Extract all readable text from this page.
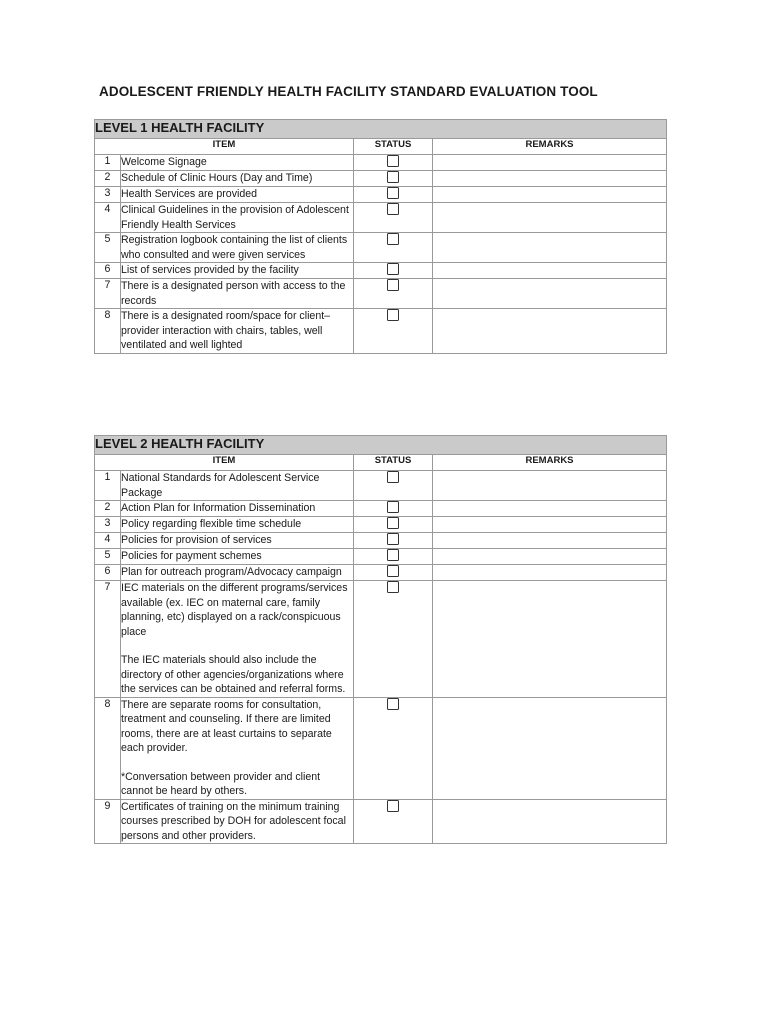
ADOLESCENT FRIENDLY HEALTH FACILITY STANDARD EVALUATION TOOL
LEVEL 1 HEALTH FACILITY			
ITEM		STATUS	REMARKS
1	Welcome Signage		

2	Schedule of Clinic Hours (Day and Time)		

3	Health Services are provided		

4	Clinical Guidelines in the provision of Adolescent Friendly Health Services		

5	Registration logbook containing the list of clients who consulted and were given services		

6	List of services provided by the facility		

7	There is a designated person with access to the records		

8	There is a designated room/space for client–provider interaction with chairs, tables, well ventilated and well lighted		

LEVEL 2 HEALTH FACILITY			
ITEM		STATUS	REMARKS
1	National Standards for Adolescent Service Package		

2	Action Plan for Information Dissemination		

3	Policy regarding flexible time schedule		

4	Policies for provision of services		

5	Policies for payment schemes		

6	Plan for outreach program/Advocacy campaign		

7	IEC materials on the different programs/services available (ex. IEC on maternal care, family planning, etc) displayed on a rack/conspicuous place
The IEC materials should also include the directory of other agencies/organizations where the services can be obtained and referral forms.		

8	There are separate rooms for consultation, treatment and counseling. If there are limited rooms, there are at least curtains to separate each provider.
*Conversation between provider and client cannot be heard by others.		

9	Certificates of training on the minimum training courses prescribed by DOH for adolescent focal persons and other providers.		
